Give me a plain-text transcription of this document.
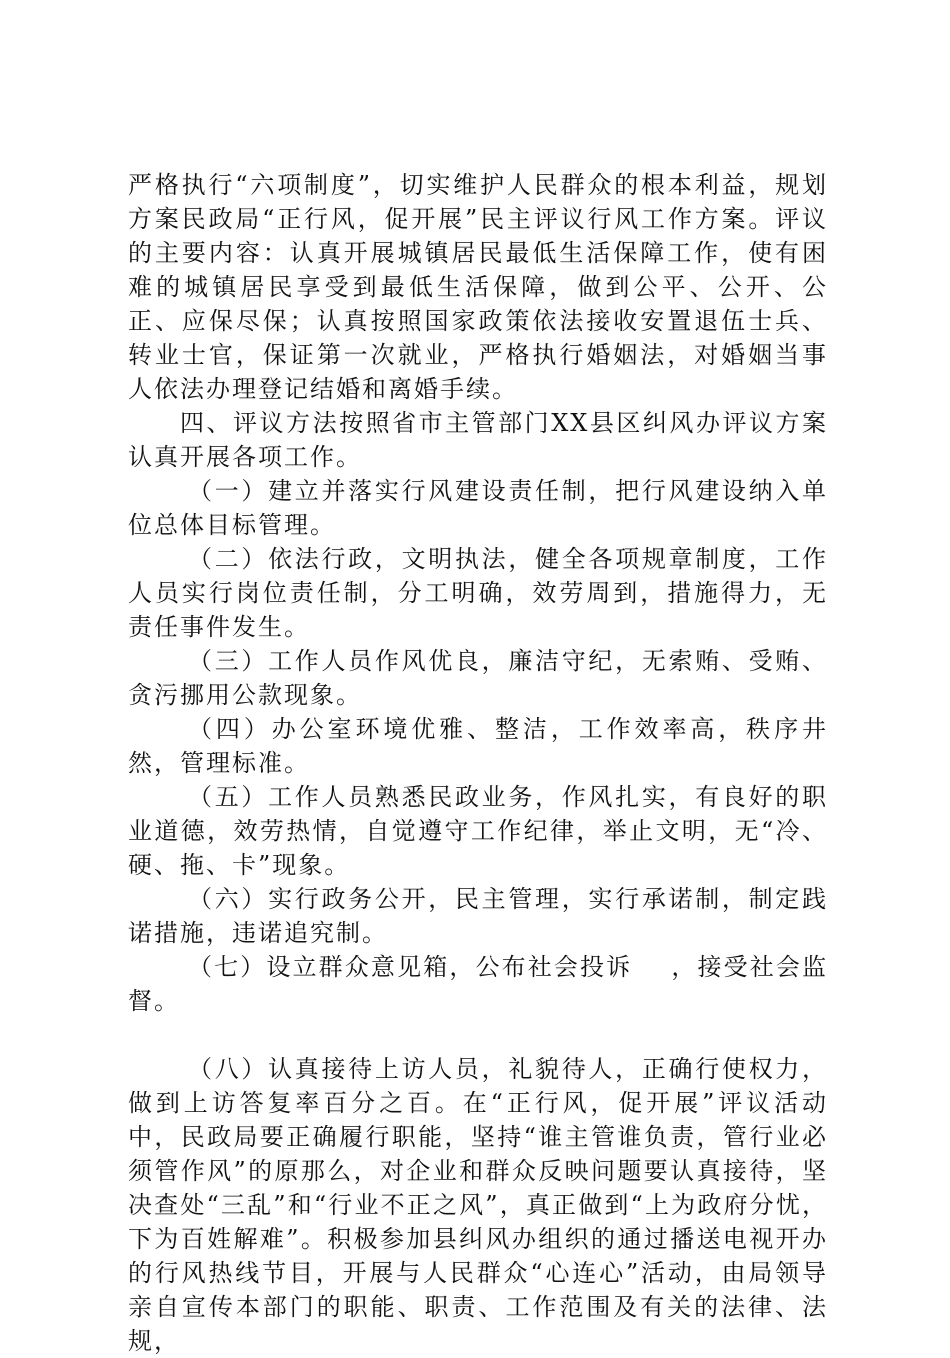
严格执行“六项制度”，切实维护人民群众的根本利益，规划方案民政局“正行风，促开展”民主评议行风工作方案。评议的主要内容：认真开展城镇居民最低生活保障工作，使有困难的城镇居民享受到最低生活保障，做到公平、公开、公正、应保尽保；认真按照国家政策依法接收安置退伍士兵、转业士官，保证第一次就业，严格执行婚姻法，对婚姻当事人依法办理登记结婚和离婚手续。

四、评议方法按照省市主管部门XX县区纠风办评议方案认真开展各项工作。

（一）建立并落实行风建设责任制，把行风建设纳入单位总体目标管理。

（二）依法行政，文明执法，健全各项规章制度，工作人员实行岗位责任制，分工明确，效劳周到，措施得力，无责任事件发生。

（三）工作人员作风优良，廉洁守纪，无索贿、受贿、贪污挪用公款现象。

（四）办公室环境优雅、整洁，工作效率高，秩序井然，管理标准。

（五）工作人员熟悉民政业务，作风扎实，有良好的职业道德，效劳热情，自觉遵守工作纪律，举止文明，无“冷、硬、拖、卡”现象。

（六）实行政务公开，民主管理，实行承诺制，制定践诺措施，违诺追究制。

（七）设立群众意见箱，公布社会投诉    ，接受社会监督。

（八）认真接待上访人员，礼貌待人，正确行使权力，做到上访答复率百分之百。在“正行风，促开展”评议活动中，民政局要正确履行职能，坚持“谁主管谁负责，管行业必须管作风”的原那么，对企业和群众反映问题要认真接待，坚决查处“三乱”和“行业不正之风”，真正做到“上为政府分忧，下为百姓解难”。积极参加县纠风办组织的通过播送电视开办的行风热线节目，开展与人民群众“心连心”活动，由局领导亲自宣传本部门的职能、职责、工作范围及有关的法律、法规，
